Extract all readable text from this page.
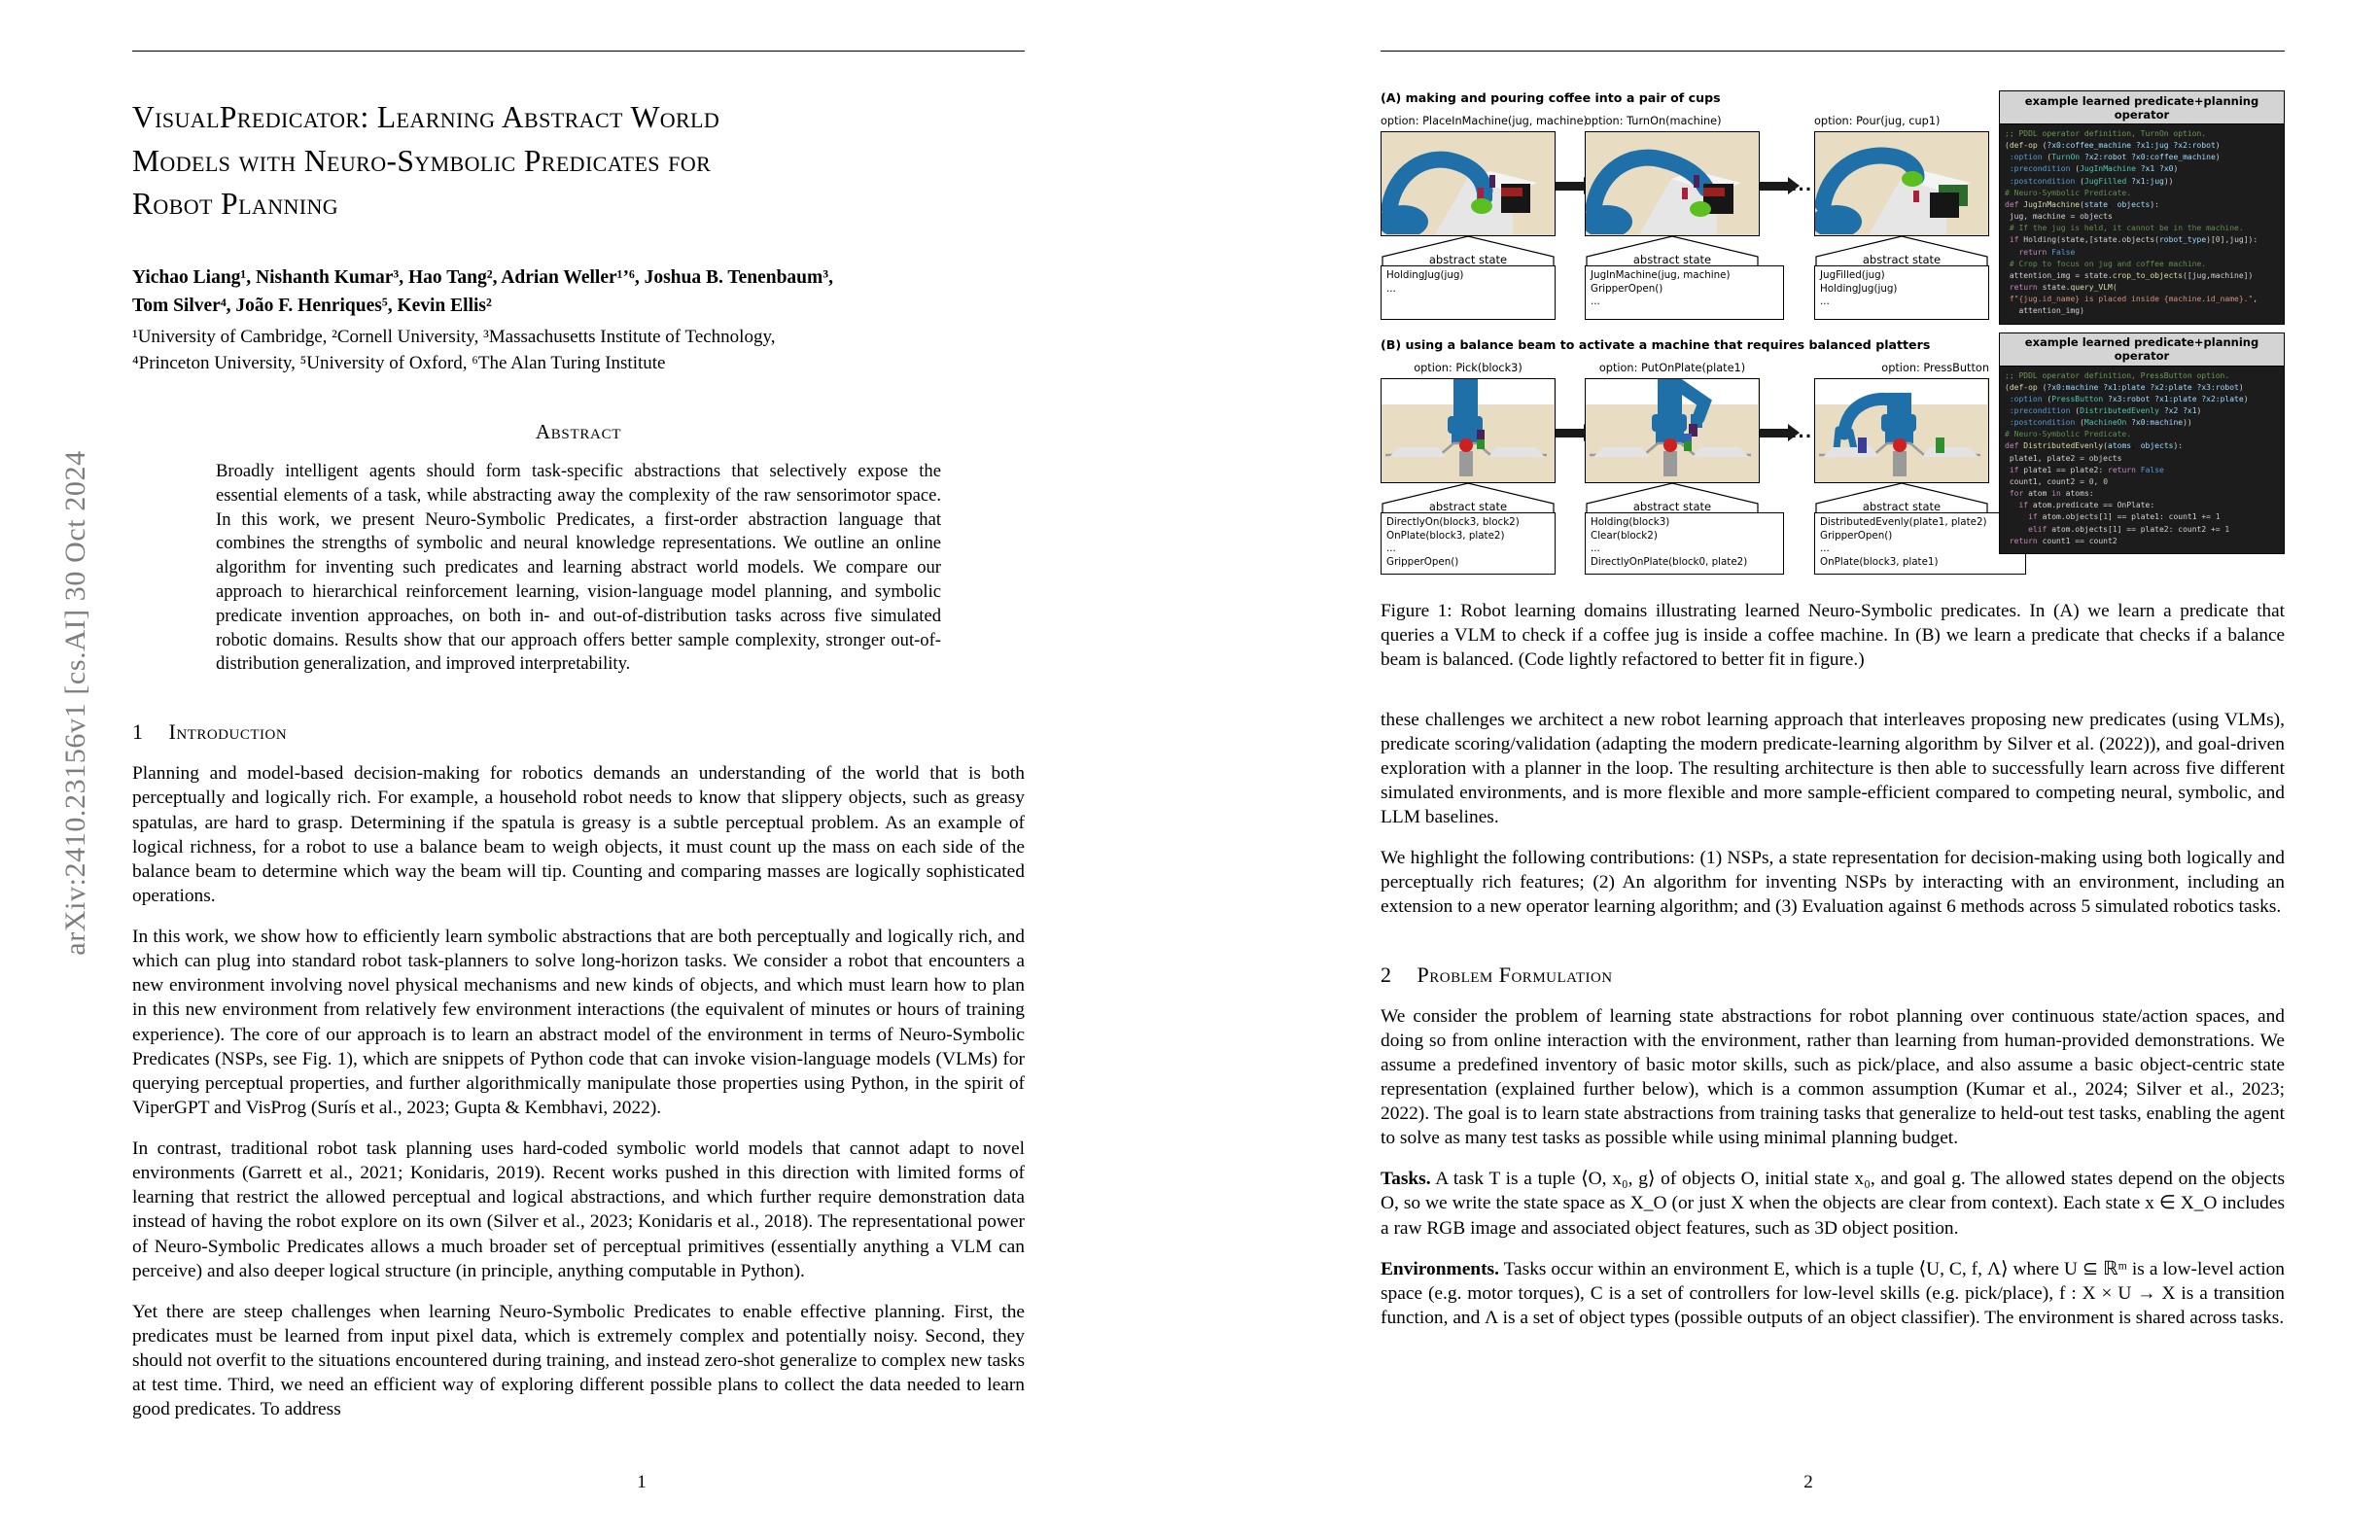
arXiv:2410.23156v1 [cs.AI] 30 Oct 2024
VisualPredicator: Learning Abstract World
Models with Neuro-Symbolic Predicates for
Robot Planning
Yichao Liang¹, Nishanth Kumar³, Hao Tang², Adrian Weller¹’⁶, Joshua B. Tenenbaum³,
Tom Silver⁴, João F. Henriques⁵, Kevin Ellis²
¹University of Cambridge, ²Cornell University, ³Massachusetts Institute of Technology,
⁴Princeton University, ⁵University of Oxford, ⁶The Alan Turing Institute
Abstract
Broadly intelligent agents should form task-specific abstractions that selectively expose the essential elements of a task, while abstracting away the complexity of the raw sensorimotor space. In this work, we present Neuro-Symbolic Predicates, a first-order abstraction language that combines the strengths of symbolic and neural knowledge representations. We outline an online algorithm for inventing such predicates and learning abstract world models. We compare our approach to hierarchical reinforcement learning, vision-language model planning, and symbolic predicate invention approaches, on both in- and out-of-distribution tasks across five simulated robotic domains. Results show that our approach offers better sample complexity, stronger out-of-distribution generalization, and improved interpretability.
1 Introduction

Planning and model-based decision-making for robotics demands an understanding of the world that is both perceptually and logically rich. For example, a household robot needs to know that slippery objects, such as greasy spatulas, are hard to grasp. Determining if the spatula is greasy is a subtle perceptual problem. As an example of logical richness, for a robot to use a balance beam to weigh objects, it must count up the mass on each side of the balance beam to determine which way the beam will tip. Counting and comparing masses are logically sophisticated operations.

In this work, we show how to efficiently learn symbolic abstractions that are both perceptually and logically rich, and which can plug into standard robot task-planners to solve long-horizon tasks. We consider a robot that encounters a new environment involving novel physical mechanisms and new kinds of objects, and which must learn how to plan in this new environment from relatively few environment interactions (the equivalent of minutes or hours of training experience). The core of our approach is to learn an abstract model of the environment in terms of Neuro-Symbolic Predicates (NSPs, see Fig. 1), which are snippets of Python code that can invoke vision-language models (VLMs) for querying perceptual properties, and further algorithmically manipulate those properties using Python, in the spirit of ViperGPT and VisProg (Surís et al., 2023; Gupta & Kembhavi, 2022).

In contrast, traditional robot task planning uses hard-coded symbolic world models that cannot adapt to novel environments (Garrett et al., 2021; Konidaris, 2019). Recent works pushed in this direction with limited forms of learning that restrict the allowed perceptual and logical abstractions, and which further require demonstration data instead of having the robot explore on its own (Silver et al., 2023; Konidaris et al., 2018). The representational power of Neuro-Symbolic Predicates allows a much broader set of perceptual primitives (essentially anything a VLM can perceive) and also deeper logical structure (in principle, anything computable in Python).

Yet there are steep challenges when learning Neuro-Symbolic Predicates to enable effective planning. First, the predicates must be learned from input pixel data, which is extremely complex and potentially noisy. Second, they should not overfit to the situations encountered during training, and instead zero-shot generalize to complex new tasks at test time. Third, we need an efficient way of exploring different possible plans to collect the data needed to learn good predicates. To address

1
(A) making and pouring coffee into a pair of cups
option: PlaceInMachine(jug, machine)
abstract state
HoldingJug(jug)
...
option: TurnOn(machine)
abstract state
JugInMachine(jug, machine)
GripperOpen()
...
...
option: Pour(jug, cup1)
abstract state
JugFilled(jug)
HoldingJug(jug)
...
(B) using a balance beam to activate a machine that requires balanced platters
option: Pick(block3)
abstract state
DirectlyOn(block3, block2)
OnPlate(block3, plate2)
...
GripperOpen()
option: PutOnPlate(plate1)
abstract state
Holding(block3)
Clear(block2)
...
DirectlyOnPlate(block0, plate2)
...
option: PressButton
abstract state
DistributedEvenly(plate1, plate2)
GripperOpen()
...
OnPlate(block3, plate1)
example learned predicate+planning operator
;; PDDL operator definition, TurnOn option.
(def-op (?x0:coffee_machine ?x1:jug ?x2:robot)
:option (TurnOn ?x2:robot ?x0:coffee_machine)
:precondition (JugInMachine ?x1 ?x0)
:postcondition (JugFilled ?x1:jug))
# Neuro-Symbolic Predicate.
def JugInMachine(state, objects):
jug, machine = objects
# If the jug is held, it cannot be in the machine.
if Holding(state,[state.objects(robot_type)[0],jug]):
return False
# Crop to focus on jug and coffee machine.
attention_img = state.crop_to_objects([jug,machine])
return state.query_VLM(
f"{jug.id_name} is placed inside {machine.id_name}.",
attention_img)
example learned predicate+planning operator
;; PDDL operator definition, PressButton option.
(def-op (?x0:machine ?x1:plate ?x2:plate ?x3:robot)
:option (PressButton ?x3:robot ?x1:plate ?x2:plate)
:precondition (DistributedEvenly ?x2 ?x1)
:postcondition (MachineOn ?x0:machine))
# Neuro-Symbolic Predicate.
def DistributedEvenly(atoms, objects):
plate1, plate2 = objects
if plate1 == plate2: return False
count1, count2 = 0, 0
for atom in atoms:
if atom.predicate == OnPlate:
if atom.objects[1] == plate1: count1 += 1
elif atom.objects[1] == plate2: count2 += 1
return count1 == count2
Figure 1: Robot learning domains illustrating learned Neuro-Symbolic predicates. In (A) we learn a predicate that queries a VLM to check if a coffee jug is inside a coffee machine. In (B) we learn a predicate that checks if a balance beam is balanced. (Code lightly refactored to better fit in figure.)

these challenges we architect a new robot learning approach that interleaves proposing new predicates (using VLMs), predicate scoring/validation (adapting the modern predicate-learning algorithm by Silver et al. (2022)), and goal-driven exploration with a planner in the loop. The resulting architecture is then able to successfully learn across five different simulated environments, and is more flexible and more sample-efficient compared to competing neural, symbolic, and LLM baselines.

We highlight the following contributions: (1) NSPs, a state representation for decision-making using both logically and perceptually rich features; (2) An algorithm for inventing NSPs by interacting with an environment, including an extension to a new operator learning algorithm; and (3) Evaluation against 6 methods across 5 simulated robotics tasks.

2 Problem Formulation

We consider the problem of learning state abstractions for robot planning over continuous state/action spaces, and doing so from online interaction with the environment, rather than learning from human-provided demonstrations. We assume a predefined inventory of basic motor skills, such as pick/place, and also assume a basic object-centric state representation (explained further below), which is a common assumption (Kumar et al., 2024; Silver et al., 2023; 2022). The goal is to learn state abstractions from training tasks that generalize to held-out test tasks, enabling the agent to solve as many test tasks as possible while using minimal planning budget.

Tasks. A task T is a tuple ⟨O, x₀, g⟩ of objects O, initial state x₀, and goal g. The allowed states depend on the objects O, so we write the state space as X_O (or just X when the objects are clear from context). Each state x ∈ X_O includes a raw RGB image and associated object features, such as 3D object position.

Environments. Tasks occur within an environment E, which is a tuple ⟨U, C, f, Λ⟩ where U ⊆ ℝᵐ is a low-level action space (e.g. motor torques), C is a set of controllers for low-level skills (e.g. pick/place), f : X × U → X is a transition function, and Λ is a set of object types (possible outputs of an object classifier). The environment is shared across tasks.

2
